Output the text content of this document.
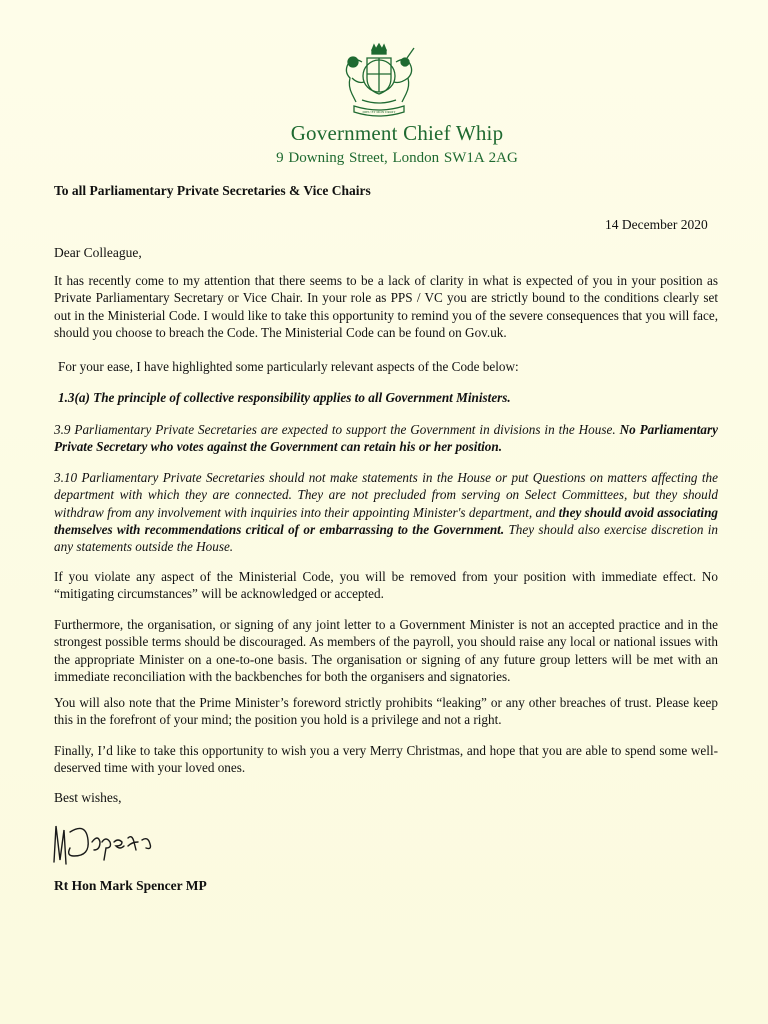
DIEU ET MON DROIT
Government Chief Whip
9 Downing Street, London SW1A 2AG
To all Parliamentary Private Secretaries & Vice Chairs
14 December 2020
Dear Colleague,

It has recently come to my attention that there seems to be a lack of clarity in what is expected of you in your position as Private Parliamentary Secretary or Vice Chair. In your role as PPS / VC you are strictly bound to the conditions clearly set out in the Ministerial Code. I would like to take this opportunity to remind you of the severe consequences that you will face, should you choose to breach the Code. The Ministerial Code can be found on Gov.uk.

For your ease, I have highlighted some particularly relevant aspects of the Code below:

1.3(a) The principle of collective responsibility applies to all Government Ministers.

3.9 Parliamentary Private Secretaries are expected to support the Government in divisions in the House. No Parliamentary Private Secretary who votes against the Government can retain his or her position.

3.10 Parliamentary Private Secretaries should not make statements in the House or put Questions on matters affecting the department with which they are connected. They are not precluded from serving on Select Committees, but they should withdraw from any involvement with inquiries into their appointing Minister's department, and they should avoid associating themselves with recommendations critical of or embarrassing to the Government. They should also exercise discretion in any statements outside the House.

If you violate any aspect of the Ministerial Code, you will be removed from your position with immediate effect. No “mitigating circumstances” will be acknowledged or accepted.

Furthermore, the organisation, or signing of any joint letter to a Government Minister is not an accepted practice and in the strongest possible terms should be discouraged. As members of the payroll, you should raise any local or national issues with the appropriate Minister on a one-to-one basis. The organisation or signing of any future group letters will be met with an immediate reconciliation with the backbenches for both the organisers and signatories.

You will also note that the Prime Minister’s foreword strictly prohibits “leaking” or any other breaches of trust. Please keep this in the forefront of your mind; the position you hold is a privilege and not a right.

Finally, I’d like to take this opportunity to wish you a very Merry Christmas, and hope that you are able to spend some well-deserved time with your loved ones.

Best wishes,
Rt Hon Mark Spencer MP
